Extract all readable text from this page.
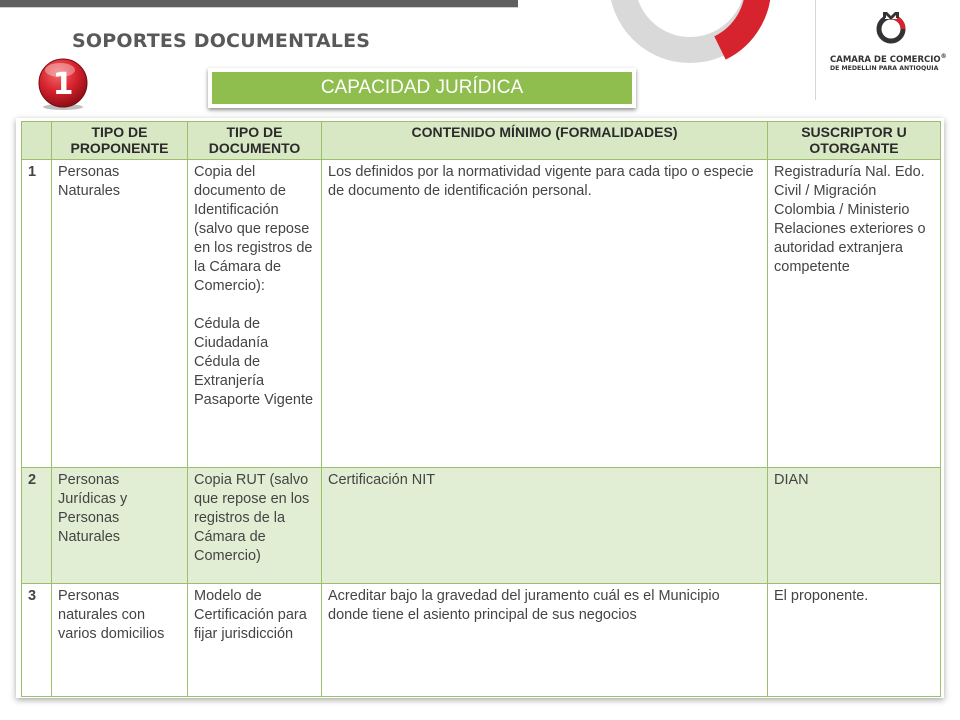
SOPORTES DOCUMENTALES
1	CAPACIDAD JURÍDICA
CAMARA DE COMERCIO®
DE MEDELLIN PARA ANTIOQUIA
	TIPO DE PROPONENTE	TIPO DE DOCUMENTO	CONTENIDO MÍNIMO (FORMALIDADES)	SUSCRIPTOR U OTORGANTE
1	Personas Naturales	Copia del documento de Identificación (salvo que repose en los registros de la Cámara de Comercio):

Cédula de Ciudadanía
Cédula de Extranjería
Pasaporte Vigente	Los definidos por la normatividad vigente para cada tipo o especie de documento de identificación personal.	Registraduría Nal. Edo. Civil / Migración Colombia / Ministerio Relaciones exteriores o autoridad extranjera competente
2	Personas Jurídicas y Personas Naturales	Copia RUT (salvo que repose en los registros de la Cámara de Comercio)	Certificación NIT	DIAN
3	Personas naturales con varios domicilios	Modelo de Certificación para fijar jurisdicción	Acreditar bajo la gravedad del juramento cuál es el Municipio donde tiene el asiento principal de sus negocios	El proponente.
